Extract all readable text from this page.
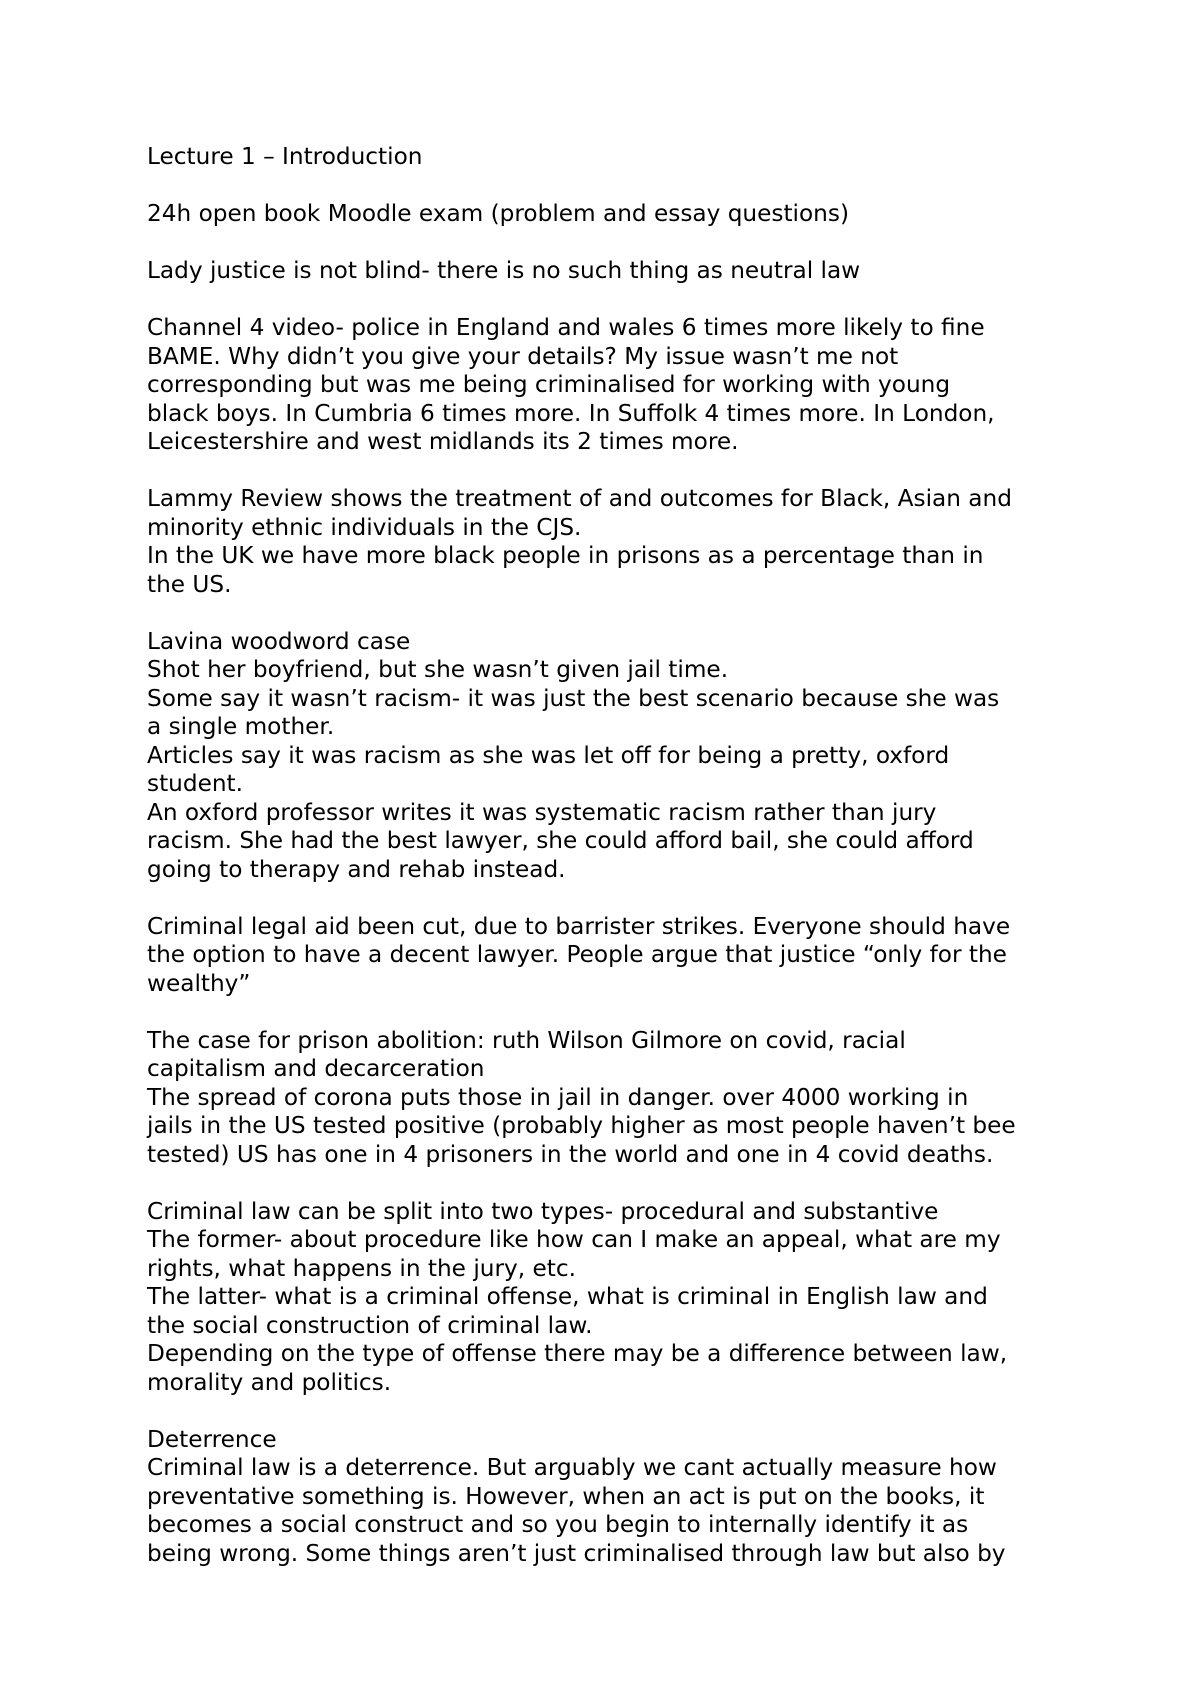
Lecture 1 – Introduction
24h open book Moodle exam (problem and essay questions)
Lady justice is not blind- there is no such thing as neutral law
Channel 4 video- police in England and wales 6 times more likely to fine
BAME. Why didn’t you give your details? My issue wasn’t me not
corresponding but was me being criminalised for working with young
black boys. In Cumbria 6 times more. In Suffolk 4 times more. In London,
Leicestershire and west midlands its 2 times more.
Lammy Review shows the treatment of and outcomes for Black, Asian and
minority ethnic individuals in the CJS.
In the UK we have more black people in prisons as a percentage than in
the US.
Lavina woodword case
Shot her boyfriend, but she wasn’t given jail time.
Some say it wasn’t racism- it was just the best scenario because she was
a single mother.
Articles say it was racism as she was let off for being a pretty, oxford
student.
An oxford professor writes it was systematic racism rather than jury
racism. She had the best lawyer, she could afford bail, she could afford
going to therapy and rehab instead.
Criminal legal aid been cut, due to barrister strikes. Everyone should have
the option to have a decent lawyer. People argue that justice “only for the
wealthy”
The case for prison abolition: ruth Wilson Gilmore on covid, racial
capitalism and decarceration
The spread of corona puts those in jail in danger. over 4000 working in
jails in the US tested positive (probably higher as most people haven’t bee
tested) US has one in 4 prisoners in the world and one in 4 covid deaths.
Criminal law can be split into two types- procedural and substantive
The former- about procedure like how can I make an appeal, what are my
rights, what happens in the jury, etc.
The latter- what is a criminal offense, what is criminal in English law and
the social construction of criminal law.
Depending on the type of offense there may be a difference between law,
morality and politics.
Deterrence
Criminal law is a deterrence. But arguably we cant actually measure how
preventative something is. However, when an act is put on the books, it
becomes a social construct and so you begin to internally identify it as
being wrong. Some things aren’t just criminalised through law but also by
